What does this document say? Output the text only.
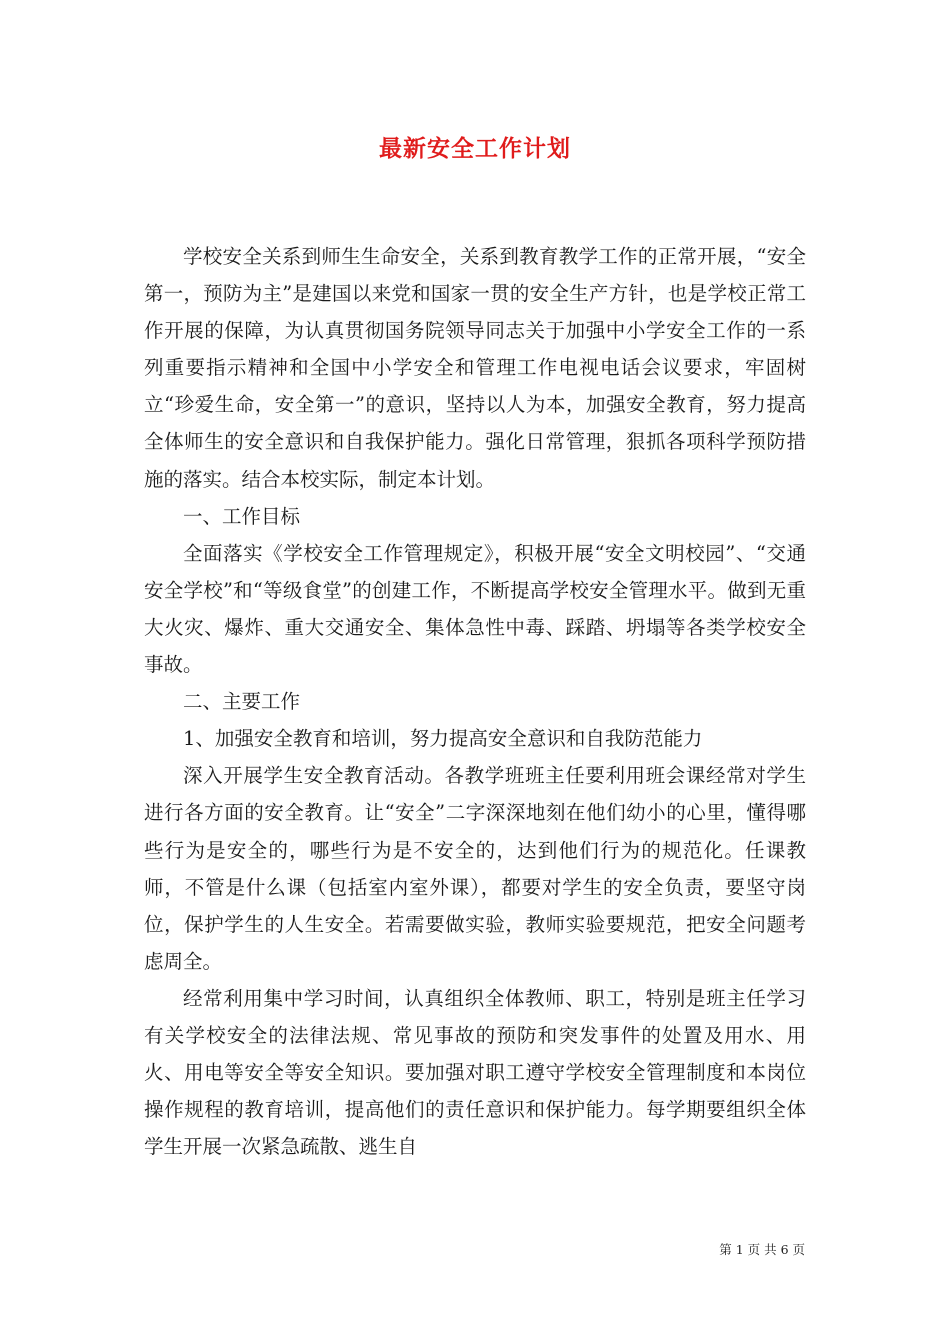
最新安全工作计划

学校安全关系到师生生命安全，关系到教育教学工作的正常开展，“安全第一，预防为主”是建国以来党和国家一贯的安全生产方针，也是学校正常工作开展的保障，为认真贯彻国务院领导同志关于加强中小学安全工作的一系列重要指示精神和全国中小学安全和管理工作电视电话会议要求，牢固树立“珍爱生命，安全第一”的意识，坚持以人为本，加强安全教育，努力提高全体师生的安全意识和自我保护能力。强化日常管理，狠抓各项科学预防措施的落实。结合本校实际，制定本计划。

一、工作目标

全面落实《学校安全工作管理规定》，积极开展“安全文明校园”、“交通安全学校”和“等级食堂”的创建工作，不断提高学校安全管理水平。做到无重大火灾、爆炸、重大交通安全、集体急性中毒、踩踏、坍塌等各类学校安全事故。

二、主要工作

1、加强安全教育和培训，努力提高安全意识和自我防范能力

深入开展学生安全教育活动。各教学班班主任要利用班会课经常对学生进行各方面的安全教育。让“安全”二字深深地刻在他们幼小的心里，懂得哪些行为是安全的，哪些行为是不安全的，达到他们行为的规范化。任课教师，不管是什么课（包括室内室外课），都要对学生的安全负责，要坚守岗位，保护学生的人生安全。若需要做实验，教师实验要规范，把安全问题考虑周全。

经常利用集中学习时间，认真组织全体教师、职工，特别是班主任学习有关学校安全的法律法规、常见事故的预防和突发事件的处置及用水、用火、用电等安全等安全知识。要加强对职工遵守学校安全管理制度和本岗位操作规程的教育培训，提高他们的责任意识和保护能力。每学期要组织全体学生开展一次紧急疏散、逃生自

第 1 页 共 6 页
